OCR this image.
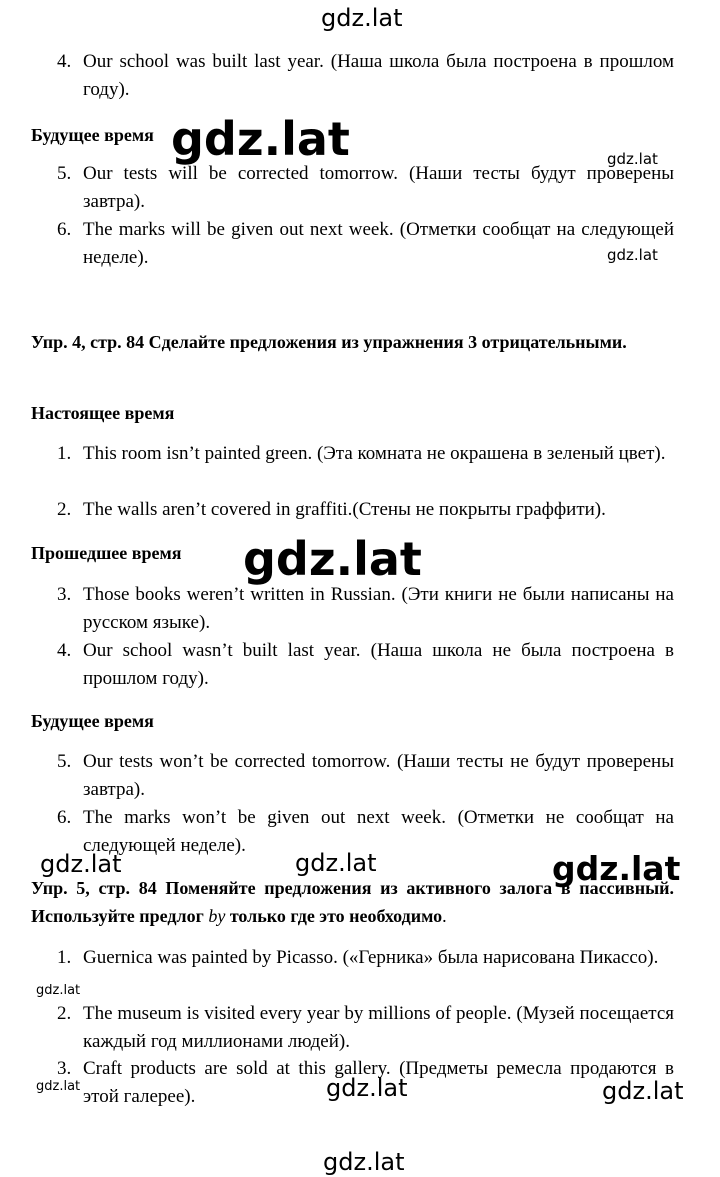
gdz.lat
gdz.lat	gdz.lat
gdz.lat
gdz.lat
gdz.lat	gdz.lat	gdz.lat
gdz.lat
gdz.lat	gdz.lat	gdz.lat
gdz.lat
4. Our school was built last year. (Наша школа была построена в прошлом году).
Будущее время
5. Our tests will be corrected tomorrow. (Наши тесты будут проверены завтра).
6. The marks will be given out next week. (Отметки сообщат на следующей неделе).
Упр. 4, стр. 84 Сделайте предложения из упражнения 3 отрицательными.
Настоящее время
1. This room isn’t painted green. (Эта комната не окрашена в зеленый цвет).
2. The walls aren’t covered in graffiti.(Стены не покрыты граффити).
Прошедшее время
3. Those books weren’t written in Russian. (Эти книги не были написаны на русском языке).
4. Our school wasn’t built last year. (Наша школа не была построена в прошлом году).
Будущее время
5. Our tests won’t be corrected tomorrow. (Наши тесты не будут проверены завтра).
6. The marks won’t be given out next week. (Отметки не сообщат на следующей неделе).
Упр. 5, стр. 84 Поменяйте предложения из активного залога в пассивный. Используйте предлог by только где это необходимо.
1. Guernica was painted by Picasso. («Герника» была нарисована Пикассо).
2. The museum is visited every year by millions of people. (Музей посещается каждый год миллионами людей).
3. Craft products are sold at this gallery. (Предметы ремесла продаются в этой галерее).
